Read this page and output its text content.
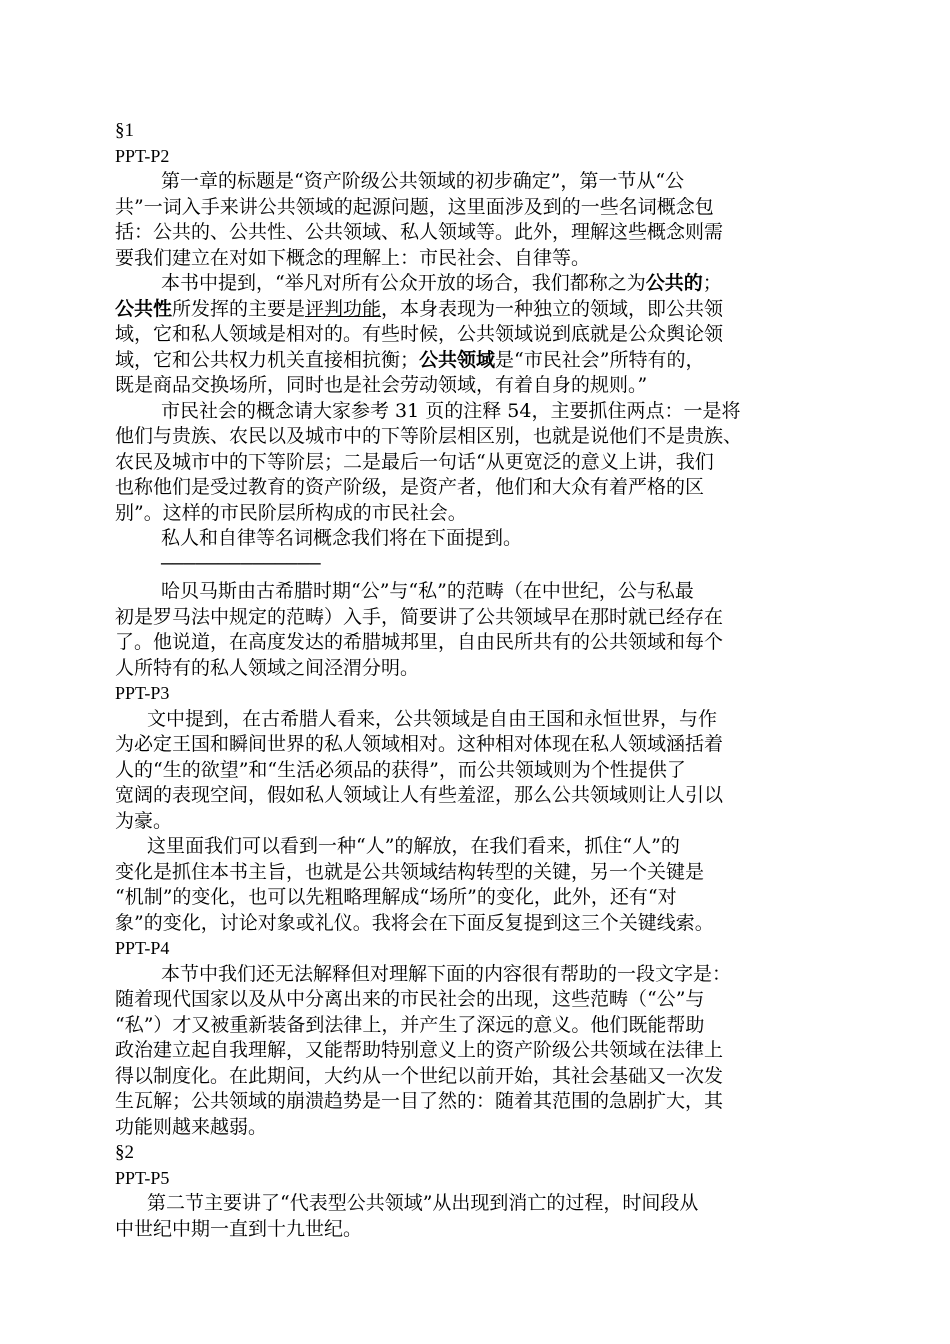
§1
PPT-P2
第一章的标题是“资产阶级公共领域的初步确定”，第一节从“公
共”一词入手来讲公共领域的起源问题，这里面涉及到的一些名词概念包
括：公共的、公共性、公共领域、私人领域等。此外，理解这些概念则需
要我们建立在对如下概念的理解上：市民社会、自律等。
本书中提到，“举凡对所有公众开放的场合，我们都称之为公共的；
公共性所发挥的主要是评判功能，本身表现为一种独立的领域，即公共领
域，它和私人领域是相对的。有些时候，公共领域说到底就是公众舆论领
域，它和公共权力机关直接相抗衡；公共领域是“市民社会”所特有的，
既是商品交换场所，同时也是社会劳动领域，有着自身的规则。”
市民社会的概念请大家参考 31 页的注释 54，主要抓住两点：一是将
他们与贵族、农民以及城市中的下等阶层相区别，也就是说他们不是贵族、
农民及城市中的下等阶层；二是最后一句话“从更宽泛的意义上讲，我们
也称他们是受过教育的资产阶级，是资产者，他们和大众有着严格的区
别”。这样的市民阶层所构成的市民社会。
私人和自律等名词概念我们将在下面提到。
——————————————
哈贝马斯由古希腊时期“公”与“私”的范畴（在中世纪，公与私最
初是罗马法中规定的范畴）入手，简要讲了公共领域早在那时就已经存在
了。他说道，在高度发达的希腊城邦里，自由民所共有的公共领域和每个
人所特有的私人领域之间泾渭分明。
PPT-P3
文中提到，在古希腊人看来，公共领域是自由王国和永恒世界，与作
为必定王国和瞬间世界的私人领域相对。这种相对体现在私人领域涵括着
人的“生的欲望”和“生活必须品的获得”，而公共领域则为个性提供了
宽阔的表现空间，假如私人领域让人有些羞涩，那么公共领域则让人引以
为豪。
这里面我们可以看到一种“人”的解放，在我们看来，抓住“人”的
变化是抓住本书主旨，也就是公共领域结构转型的关键，另一个关键是
“机制”的变化，也可以先粗略理解成“场所”的变化，此外，还有“对
象”的变化，讨论对象或礼仪。我将会在下面反复提到这三个关键线索。
PPT-P4
本节中我们还无法解释但对理解下面的内容很有帮助的一段文字是：
随着现代国家以及从中分离出来的市民社会的出现，这些范畴（“公”与
“私”）才又被重新装备到法律上，并产生了深远的意义。他们既能帮助
政治建立起自我理解，又能帮助特别意义上的资产阶级公共领域在法律上
得以制度化。在此期间，大约从一个世纪以前开始，其社会基础又一次发
生瓦解；公共领域的崩溃趋势是一目了然的：随着其范围的急剧扩大，其
功能则越来越弱。
§2
PPT-P5
第二节主要讲了“代表型公共领域”从出现到消亡的过程，时间段从
中世纪中期一直到十九世纪。
